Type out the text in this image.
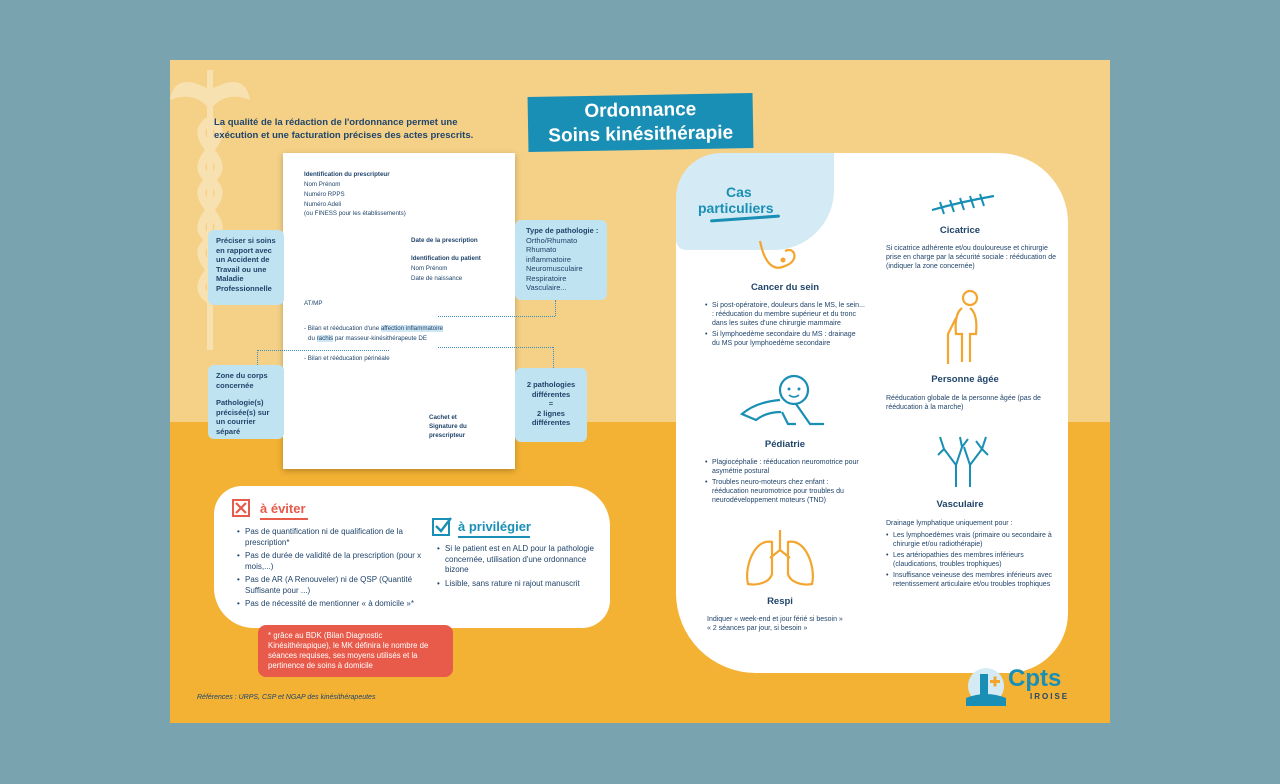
Ordonnance
Soins kinésithérapie
La qualité de la rédaction de l'ordonnance permet une exécution et une facturation précises des actes prescrits.
Identification du prescripteur
Nom Prénom
Numéro RPPS
Numéro Adeli
(ou FINESS pour les établissements)
Date de la prescription
Identification du patient
Nom Prénom
Date de naissance
AT/MP
- Bilan et rééducation d'une affection inflammatoire
du rachis par masseur-kinésithérapeute DE
- Bilan et rééducation périnéale
Cachet et Signature du prescripteur
Préciser si soins en rapport avec un Accident de Travail ou une Maladie Professionnelle
Zone du corps concernée
Pathologie(s) précisée(s) sur un courrier séparé
Type de pathologie :
Ortho/Rhumato
Rhumato inflammatoire
Neuromusculaire
Respiratoire
Vasculaire...
2 pathologies différentes
=
2 lignes différentes
à éviter
• Pas de quantification ni de qualification de la prescription*
• Pas de durée de validité de la prescription (pour x mois,...)
• Pas de AR (A Renouveler) ni de QSP (Quantité Suffisante pour ...)
• Pas de nécessité de mentionner « à domicile »*
à privilégier
• Si le patient est en ALD pour la pathologie concernée, utilisation d'une ordonnance bizone
• Lisible, sans rature ni rajout manuscrit
* grâce au BDK (Bilan Diagnostic Kinésithérapique), le MK définira le nombre de séances requises, ses moyens utilisés et la pertinence de soins à domicile
Références : URPS, CSP et NGAP des kinésithérapeutes
Cas
particuliers
Cancer du sein
• Si post-opératoire, douleurs dans le MS, le sein... : rééducation du membre supérieur et du tronc dans les suites d'une chirurgie mammaire
• Si lymphoedème secondaire du MS : drainage du MS pour lymphoedème secondaire
Pédiatrie
• Plagiocéphalie : rééducation neuromotrice pour asymétrie postural
• Troubles neuro-moteurs chez enfant : rééducation neuromotrice pour troubles du neurodéveloppement moteurs (TND)
Respi
Indiquer « week-end et jour férié si besoin »
« 2 séances par jour, si besoin »
Cicatrice
Si cicatrice adhérente et/ou douloureuse et chirurgie prise en charge par la sécurité sociale : rééducation de (indiquer la zone concernée)
Personne âgée
Rééducation globale de la personne âgée (pas de rééducation à la marche)
Vasculaire
Drainage lymphatique uniquement pour :
• Les lymphoedèmes vrais (primaire ou secondaire à chirurgie et/ou radiothérapie)
• Les artériopathies des membres inférieurs (claudications, troubles trophiques)
• Insuffisance veineuse des membres inférieurs avec retentissement articulaire et/ou troubles trophiques
Cpts
IROISE
